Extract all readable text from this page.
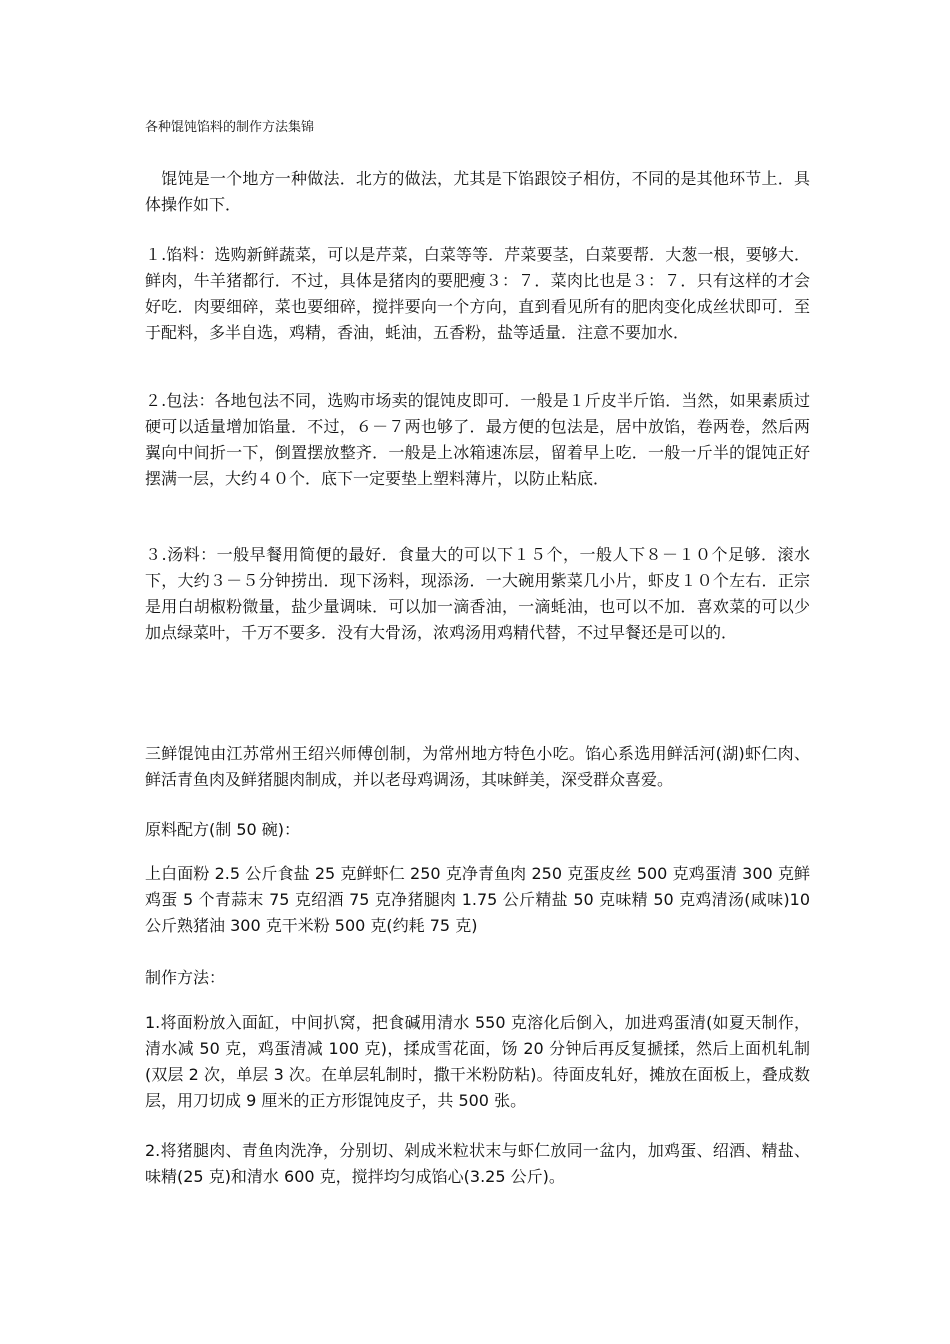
各种馄饨馅料的制作方法集锦

　馄饨是一个地方一种做法．北方的做法，尤其是下馅跟饺子相仿，不同的是其他环节上．具体操作如下．

１.馅料：选购新鲜蔬菜，可以是芹菜，白菜等等．芹菜要茎，白菜要帮．大葱一根，要够大．鲜肉，牛羊猪都行．不过，具体是猪肉的要肥瘦３：７．菜肉比也是３：７．只有这样的才会好吃．肉要细碎，菜也要细碎，搅拌要向一个方向，直到看见所有的肥肉变化成丝状即可．至于配料，多半自选，鸡精，香油，蚝油，五香粉，盐等适量．注意不要加水．

２.包法：各地包法不同，选购市场卖的馄饨皮即可．一般是１斤皮半斤馅．当然，如果素质过硬可以适量增加馅量．不过，６－７两也够了．最方便的包法是，居中放馅，卷两卷，然后两翼向中间折一下，倒置摆放整齐．一般是上冰箱速冻层，留着早上吃．一般一斤半的馄饨正好摆满一层，大约４０个．底下一定要垫上塑料薄片，以防止粘底．

３.汤料：一般早餐用简便的最好．食量大的可以下１５个，一般人下８－１０个足够．滚水下，大约３－５分钟捞出．现下汤料，现添汤．一大碗用紫菜几小片，虾皮１０个左右．正宗是用白胡椒粉微量，盐少量调味．可以加一滴香油，一滴蚝油，也可以不加．喜欢菜的可以少加点绿菜叶，千万不要多．没有大骨汤，浓鸡汤用鸡精代替，不过早餐还是可以的．

三鲜馄饨由江苏常州王绍兴师傅创制，为常州地方特色小吃。馅心系选用鲜活河(湖)虾仁肉、鲜活青鱼肉及鲜猪腿肉制成，并以老母鸡调汤，其味鲜美，深受群众喜爱。

原料配方(制 50 碗)：

上白面粉 2.5 公斤食盐 25 克鲜虾仁 250 克净青鱼肉 250 克蛋皮丝 500 克鸡蛋清 300 克鲜鸡蛋 5 个青蒜末 75 克绍酒 75 克净猪腿肉 1.75 公斤精盐 50 克味精 50 克鸡清汤(咸味)10 公斤熟猪油 300 克干米粉 500 克(约耗 75 克)

制作方法：

1.将面粉放入面缸，中间扒窝，把食碱用清水 550 克溶化后倒入，加进鸡蛋清(如夏天制作，清水减 50 克，鸡蛋清减 100 克)，揉成雪花面，饧 20 分钟后再反复搋揉，然后上面机轧制(双层 2 次，单层 3 次。在单层轧制时，撒干米粉防粘)。待面皮轧好，摊放在面板上，叠成数层，用刀切成 9 厘米的正方形馄饨皮子，共 500 张。

2.将猪腿肉、青鱼肉洗净，分别切、剁成米粒状末与虾仁放同一盆内，加鸡蛋、绍酒、精盐、味精(25 克)和清水 600 克，搅拌均匀成馅心(3.25 公斤)。
